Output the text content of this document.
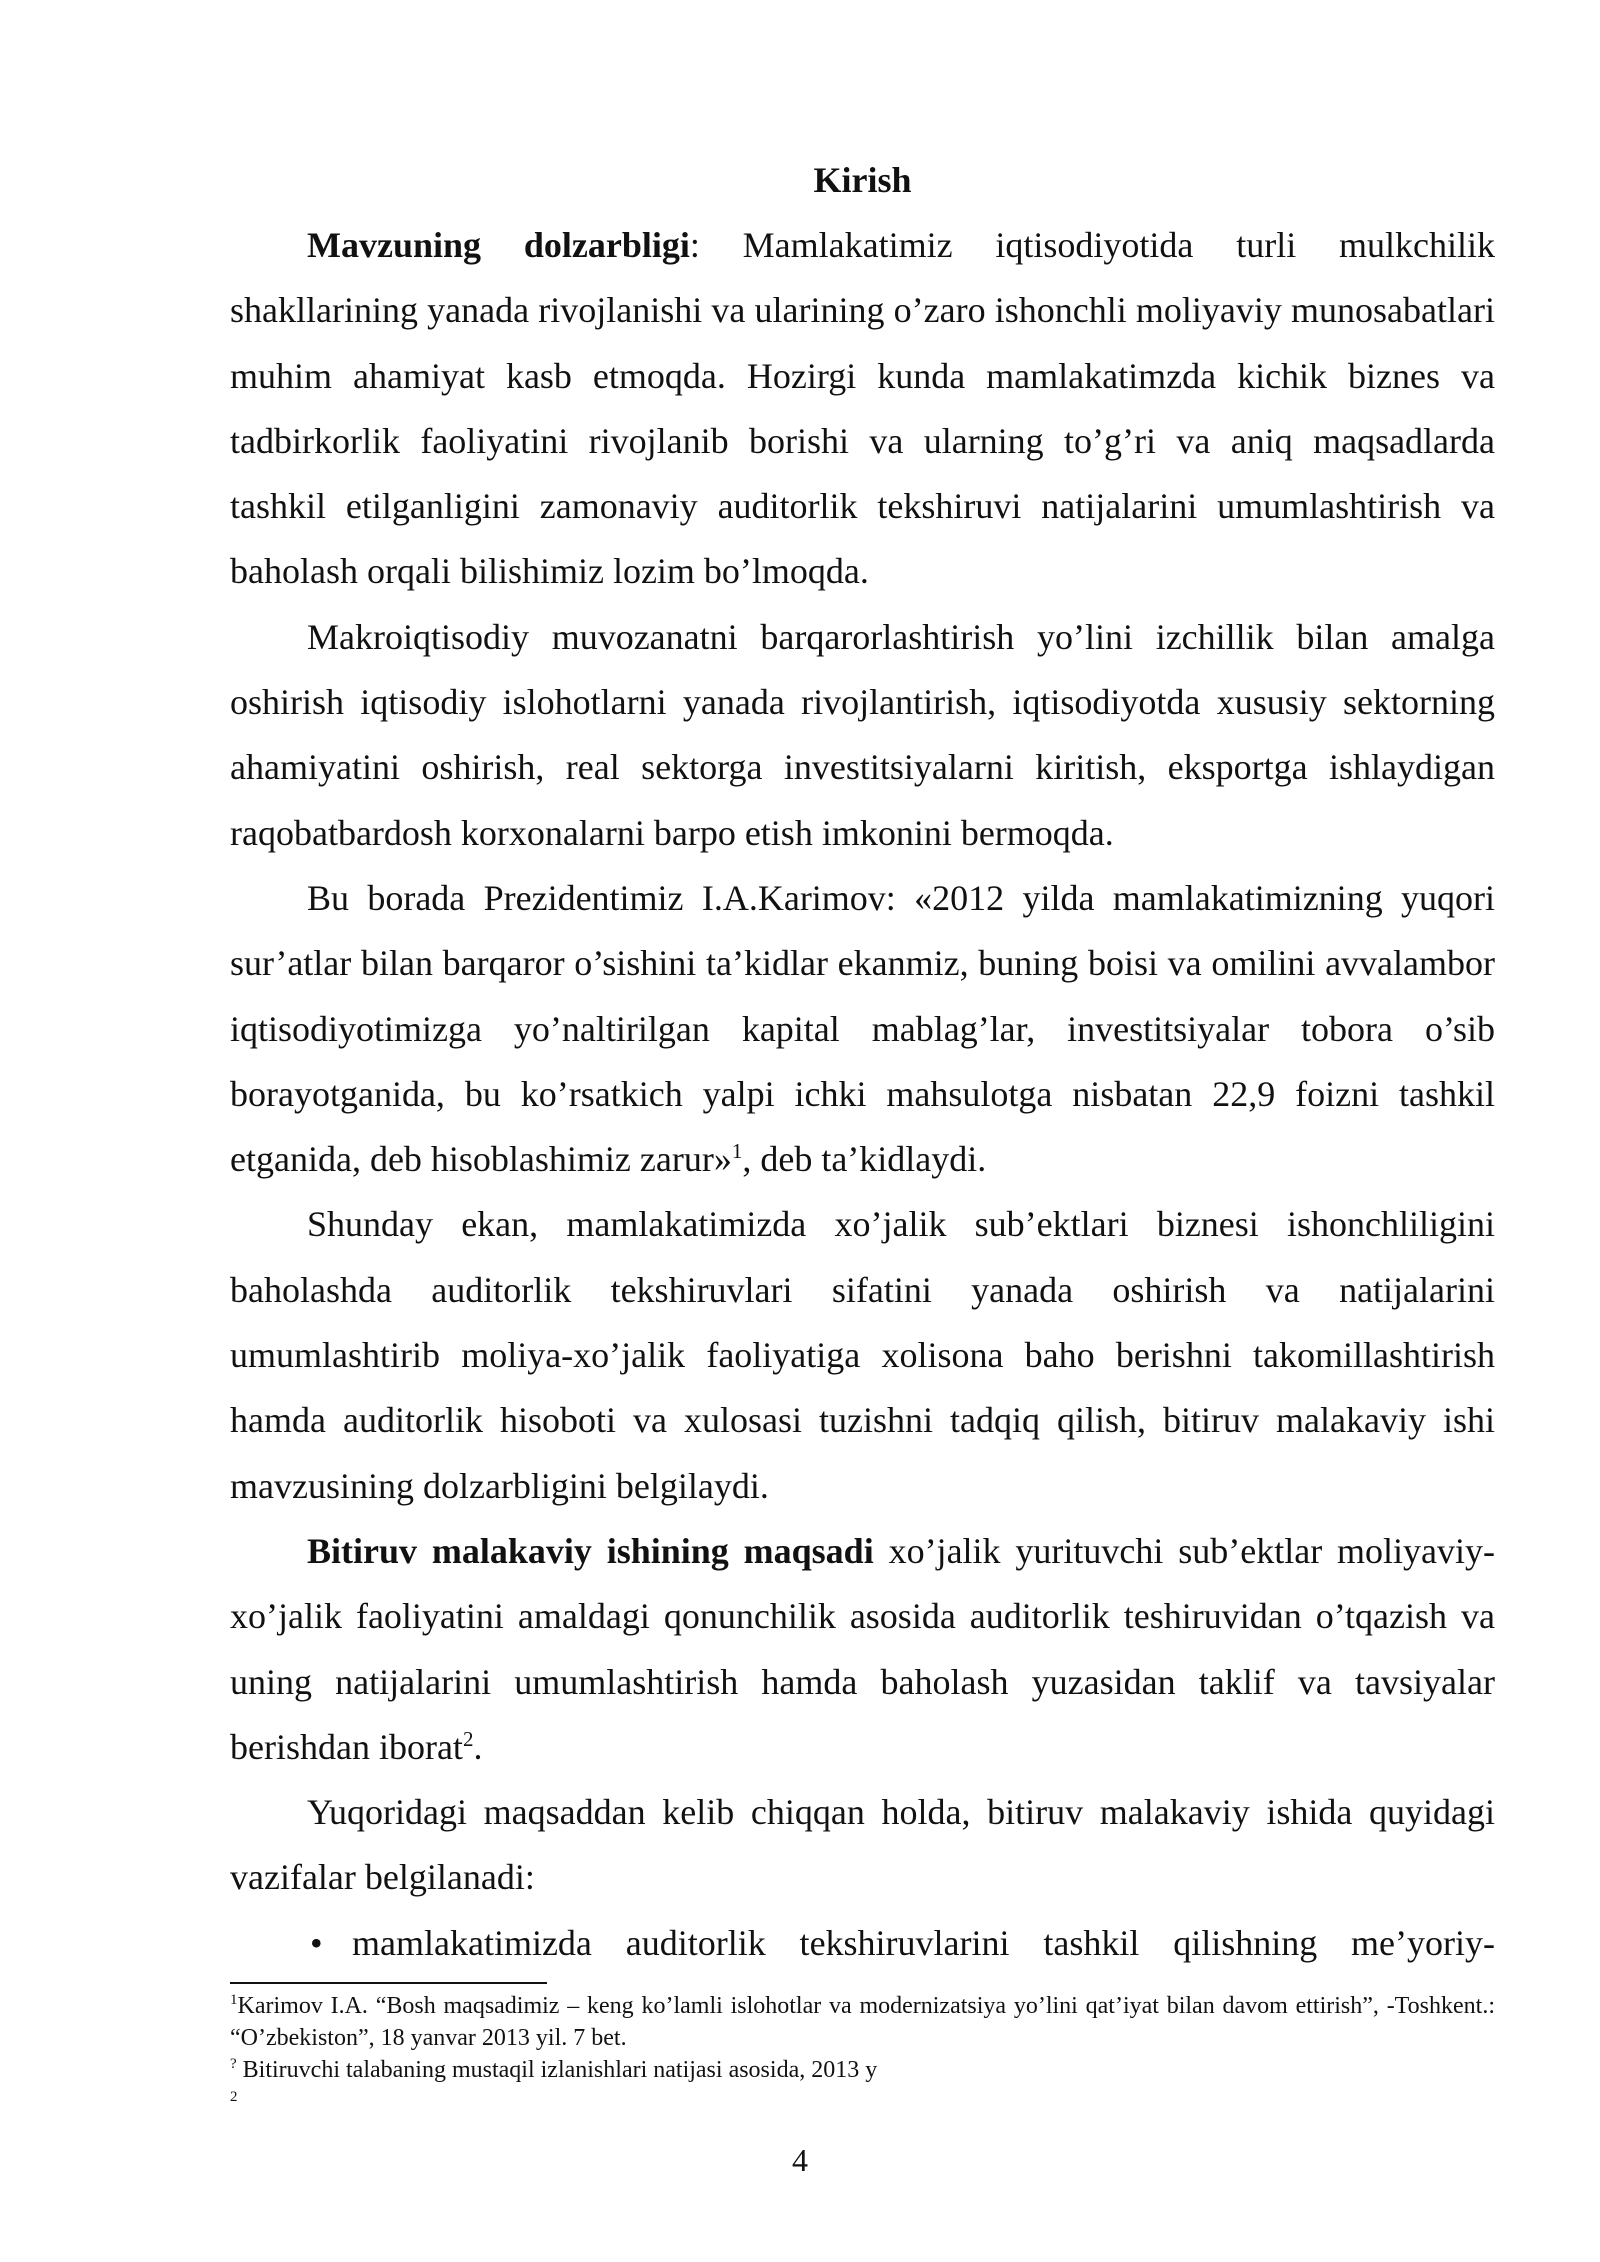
Kirish

Mavzuning dolzarbligi: Mamlakatimiz iqtisodiyotida turli mulkchilik shakllarining yanada rivojlanishi va ularining o’zaro ishonchli moliyaviy munosabatlari muhim ahamiyat kasb etmoqda. Hozirgi kunda mamlakatimzda kichik biznes va tadbirkorlik faoliyatini rivojlanib borishi va ularning to’g’ri va aniq maqsadlarda tashkil etilganligini zamonaviy auditorlik tekshiruvi natijalarini umumlashtirish va baholash orqali bilishimiz lozim bo’lmoqda.

Makroiqtisodiy muvozanatni barqarorlashtirish yo’lini izchillik bilan amalga oshirish iqtisodiy islohotlarni yanada rivojlantirish, iqtisodiyotda xususiy sektorning ahamiyatini oshirish, real sektorga investitsiyalarni kiritish, eksportga ishlaydigan raqobatbardosh korxonalarni barpo etish imkonini bermoqda.

Bu borada Prezidentimiz I.A.Karimov: «2012 yilda mamlakatimizning yuqori sur’atlar bilan barqaror o’sishini ta’kidlar ekanmiz, buning boisi va omilini avvalambor iqtisodiyotimizga yo’naltirilgan kapital mablag’lar, investitsiyalar tobora o’sib borayotganida, bu ko’rsatkich yalpi ichki mahsulotga nisbatan 22,9 foizni tashkil etganida, deb hisoblashimiz zarur»$^1$, deb ta’kidlaydi.

Shunday ekan, mamlakatimizda xo’jalik sub’ektlari biznesi ishonchliligini baholashda auditorlik tekshiruvlari sifatini yanada oshirish va natijalarini umumlashtirib moliya-xo’jalik faoliyatiga xolisona baho berishni takomillashtirish hamda auditorlik hisoboti va xulosasi tuzishni tadqiq qilish, bitiruv malakaviy ishi mavzusining dolzarbligini belgilaydi.

Bitiruv malakaviy ishining maqsadi xo’jalik yurituvchi sub’ektlar moliyaviy-xo’jalik faoliyatini amaldagi qonunchilik asosida auditorlik teshiruvidan o’tqazish va uning natijalarini umumlashtirish hamda baholash yuzasidan taklif va tavsiyalar berishdan iborat$^2$.

Yuqoridagi maqsaddan kelib chiqqan holda, bitiruv malakaviy ishida quyidagi vazifalar belgilanadi:

• mamlakatimizda auditorlik tekshiruvlarini tashkil qilishning me’yoriy-

$^1$Karimov I.A. “Bosh maqsadimiz – keng ko’lamli islohotlar va modernizatsiya yo’lini qat’iyat bilan davom ettirish”, -Toshkent.: “O’zbekiston”, 18 yanvar 2013 yil. 7 bet.

? Bitiruvchi talabaning mustaqil izlanishlari natijasi asosida, 2013 y

2

4
